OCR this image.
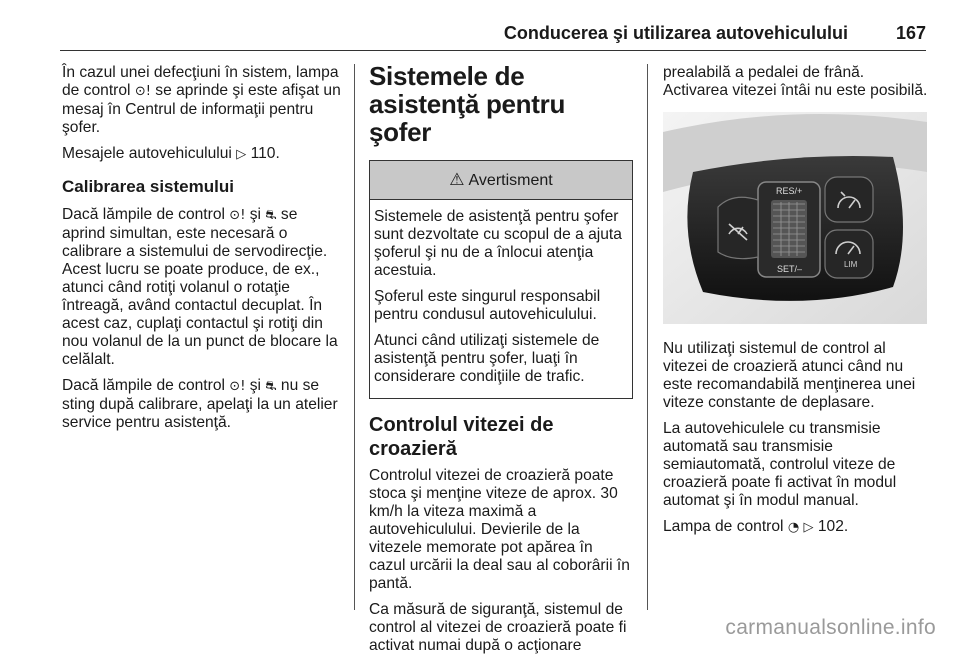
Conducerea şi utilizarea autovehiculului	167

În cazul unei defecţiuni în sistem, lampa de control ⊙! se aprinde şi este afişat un mesaj în Centrul de informaţii pentru şofer.

Mesajele autovehiculului ▷ 110.

Calibrarea sistemului

Dacă lămpile de control ⊙! şi ⛐ se aprind simultan, este necesară o calibrare a sistemului de servodirecţie. Acest lucru se poate produce, de ex., atunci când rotiţi volanul o rotaţie întreagă, având contactul decuplat. În acest caz, cuplaţi contactul şi rotiţi din nou volanul de la un punct de blocare la celălalt.

Dacă lămpile de control ⊙! şi ⛐ nu se sting după calibrare, apelaţi la un atelier service pentru asistenţă.

Sistemele de asistenţă pentru şofer
⚠ Avertisment

Sistemele de asistenţă pentru şofer sunt dezvoltate cu scopul de a ajuta şoferul şi nu de a înlocui atenţia acestuia.

Şoferul este singurul responsabil pentru condusul autovehiculului.

Atunci când utilizaţi sistemele de asistenţă pentru şofer, luaţi în considerare condiţiile de trafic.

Controlul vitezei de croazieră

Controlul vitezei de croazieră poate stoca şi menţine viteze de aprox. 30 km/h la viteza maximă a autovehiculului. Devierile de la vitezele memorate pot apărea în cazul urcării la deal sau al coborârii în pantă.

Ca măsură de siguranţă, sistemul de control al vitezei de croazieră poate fi activat numai după o acţionare

prealabilă a pedalei de frână. Activarea vitezei întâi nu este posibilă.

RES/+
SET/–	LIM

Nu utilizaţi sistemul de control al vitezei de croazieră atunci când nu este recomandabilă menţinerea unei viteze constante de deplasare.

La autovehiculele cu transmisie automată sau transmisie semiautomată, controlul viteze de croazieră poate fi activat în modul automat şi în modul manual.

Lampa de control ◔ ▷ 102.

carmanualsonline.info
